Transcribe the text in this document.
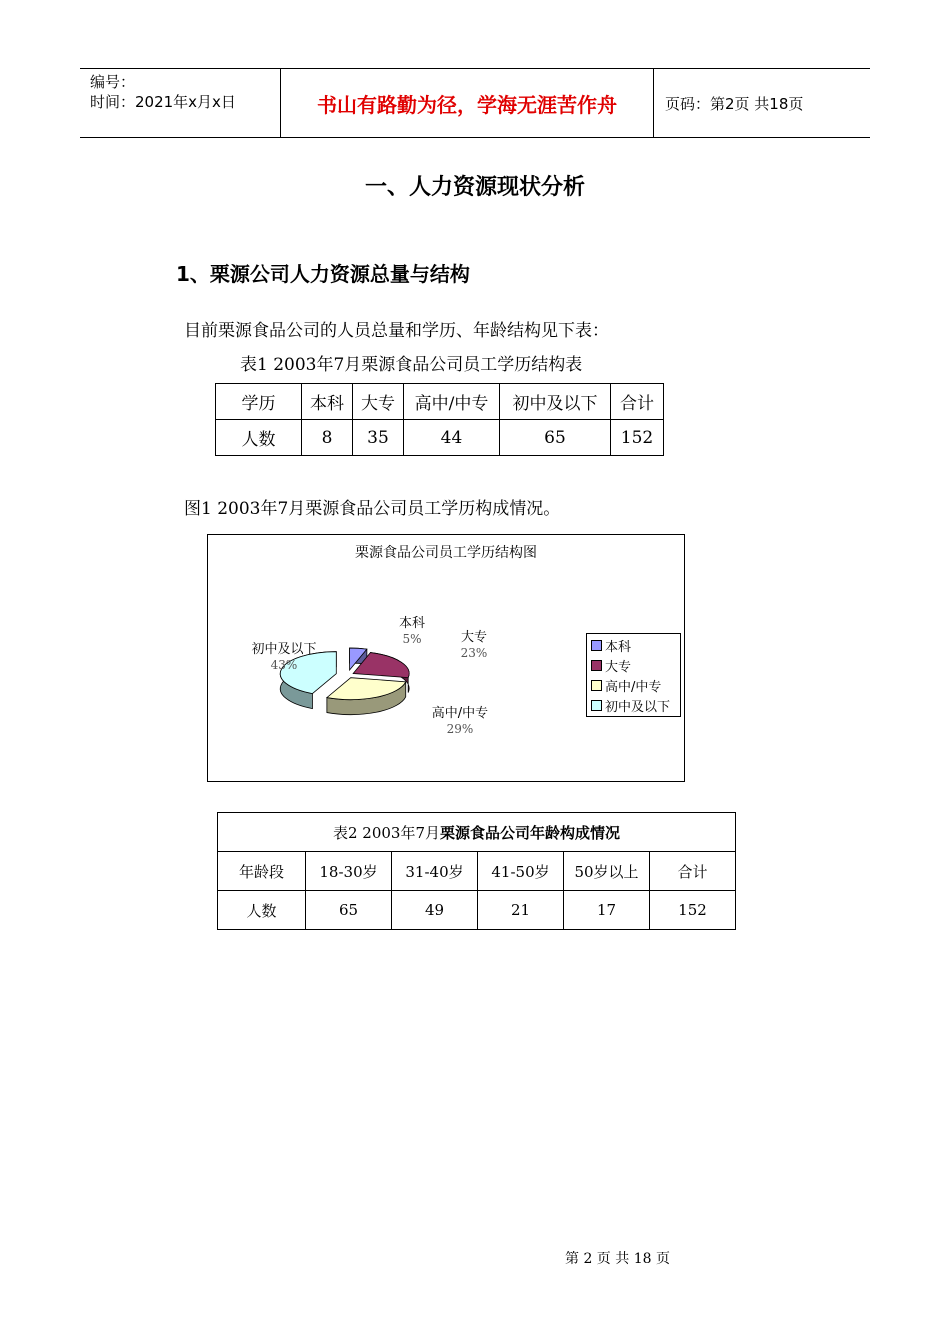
编号：
时间：2021年x月x日	书山有路勤为径，学海无涯苦作舟	页码：第2页 共18页
一、人力资源现状分析
1、栗源公司人力资源总量与结构
目前栗源食品公司的人员总量和学历、年龄结构见下表：
表1 2003年7月栗源食品公司员工学历结构表
学历	本科	大专	高中/中专	初中及以下	合计
人数	8	35	44	65	152
图1 2003年7月栗源食品公司员工学历构成情况。
栗源食品公司员工学历结构图
本科
5%	大专
23%
高中/中专
29%
初中及以下
43%
本科
大专
高中/中专
初中及以下
表2 2003年7月栗源食品公司年龄构成情况					
年龄段	18-30岁	31-40岁	41-50岁	50岁以上	合计
人数	65	49	21	17	152
第 2 页 共 18 页
